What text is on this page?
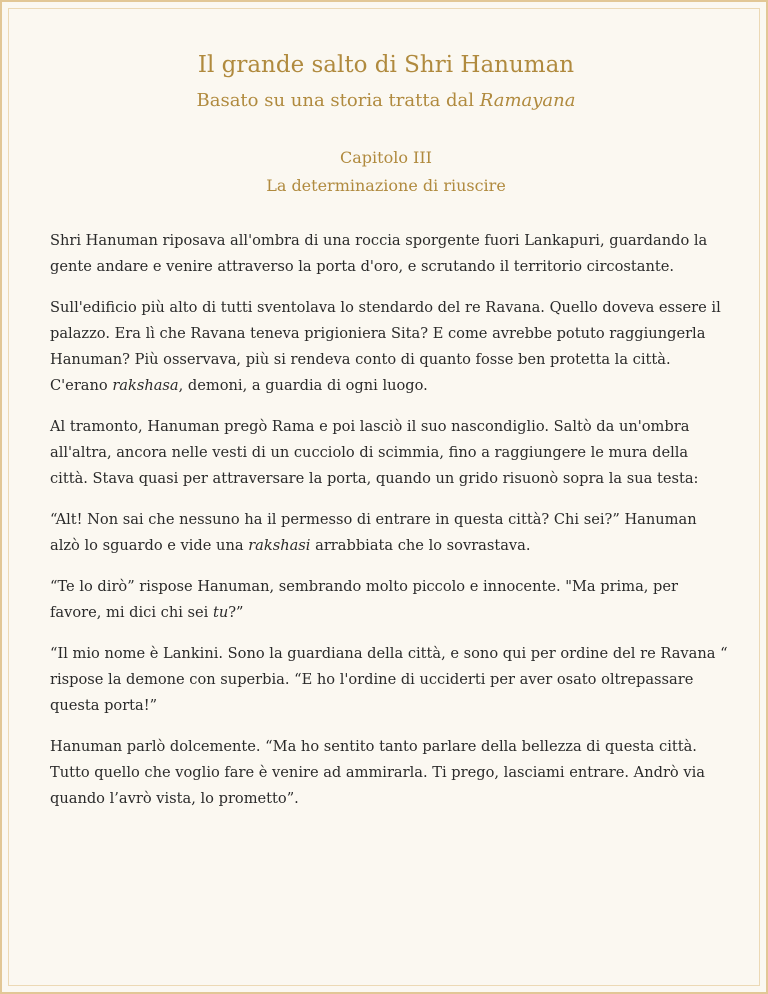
Il grande salto di Shri Hanuman
Basato su una storia tratta dal Ramayana
Capitolo III
La determinazione di riuscire

Shri Hanuman riposava all'ombra di una roccia sporgente fuori Lankapuri, guardando la gente andare e venire attraverso la porta d'oro, e scrutando il territorio circostante.

Sull'edificio più alto di tutti sventolava lo stendardo del re Ravana. Quello doveva essere il palazzo. Era lì che Ravana teneva prigioniera Sita? E come avrebbe potuto raggiungerla Hanuman? Più osservava, più si rendeva conto di quanto fosse ben protetta la città. C'erano rakshasa, demoni, a guardia di ogni luogo.

Al tramonto, Hanuman pregò Rama e poi lasciò il suo nascondiglio. Saltò da un'ombra all'altra, ancora nelle vesti di un cucciolo di scimmia, fino a raggiungere le mura della città. Stava quasi per attraversare la porta, quando un grido risuonò sopra la sua testa:

“Alt! Non sai che nessuno ha il permesso di entrare in questa città? Chi sei?” Hanuman alzò lo sguardo e vide una rakshasi arrabbiata che lo sovrastava.

“Te lo dirò” rispose Hanuman, sembrando molto piccolo e innocente. "Ma prima, per favore, mi dici chi sei tu?”

“Il mio nome è Lankini. Sono la guardiana della città, e sono qui per ordine del re Ravana “ rispose la demone con superbia. “E ho l'ordine di ucciderti per aver osato oltrepassare questa porta!”

Hanuman parlò dolcemente. “Ma ho sentito tanto parlare della bellezza di questa città. Tutto quello che voglio fare è venire ad ammirarla. Ti prego, lasciami entrare. Andrò via quando l’avrò vista, lo prometto”.
